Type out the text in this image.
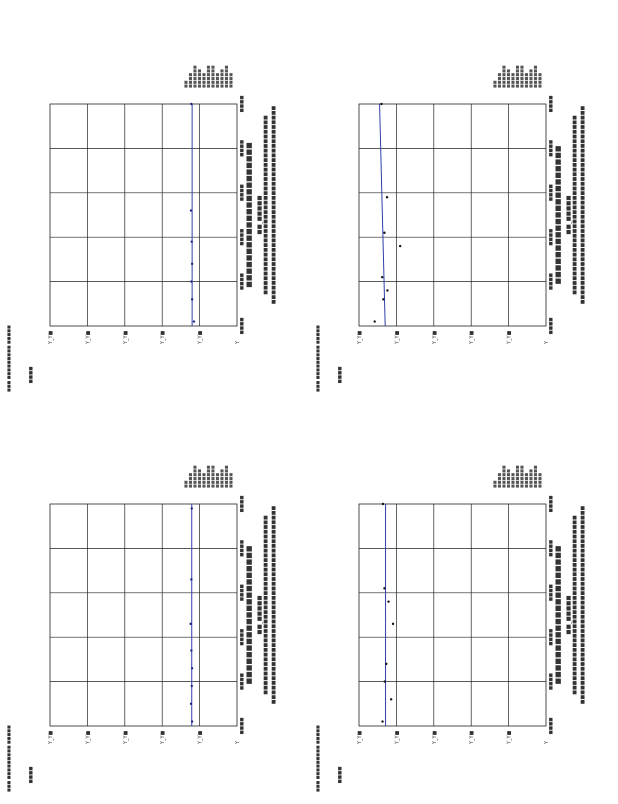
■■■ ■■■■■■■■■ ■■■■■	Y_Y■	Y_Y■	Y_Y■	Y_Y■	Y_Y■	Y
■■■■
■■■■
■■■■
■■■■
■■■■
■■■■
■■■■
■■■■■■■■■■■■■■■■■■■■■■ ■■_■■■■■
■■ ■■■■ ■■■■■■ ■■■■■ ■■■■ ■■■■■■ ■■■■■■ ■■■■ ■■■■■ ■■■■■■ ■■■■
■■■■■■■■■■■■■■■■■■■■■■■■■■■■■■■■■■■■■■ ■■■■■■■■■■■■■■■■■■■■■■■■■■■■■■■■■■■■■■■■■■
■■■ ■■■■■■■■■ ■■■■■	Y_Y■	Y_Y■	Y_Y■	Y_Y■	Y_Y■	Y
■■■■
■■■■
■■■■
■■■■
■■■■
■■■■
■■■■
■■■■■■■■■■■■■■■■■■■■■ ■■_■■■■■
■■ ■■■■ ■■■■■■ ■■■■■ ■■■■ ■■■■■■ ■■■■■■ ■■■■ ■■■■■ ■■■■■■ ■■■■
■■■■■■■■■■■■■■■■■■■■■■■■■■■■■■■■■■■■■■ ■■■■■■■■■■■■■■■■■■■■■■■■■■■■■■■■■■■■■■■■■■
■■■ ■■■■■■■■■ ■■■■■	Y_Y■	Y_Y■	Y_Y■	Y_Y■	Y_Y■	Y
■■■■
■■■■
■■■■
■■■■
■■■■
■■■■
■■■■
■■■■■■■■■■■■■■■■■■■■■ ■■_■■■■■
■■ ■■■■ ■■■■■■ ■■■■■ ■■■■ ■■■■■■ ■■■■■■ ■■■■ ■■■■■ ■■■■■■ ■■■■
■■■■■■■■■■■■■■■■■■■■■■■■■■■■■■■■■■■■■■ ■■■■■■■■■■■■■■■■■■■■■■■■■■■■■■■■■■■■■■■■■■
■■■ ■■■■■■■■■ ■■■■■	Y_Y■	Y_Y■	Y_Y■	Y_Y■	Y_Y■	Y
■■■■
■■■■
■■■■
■■■■
■■■■
■■■■
■■■■
■■■■■■■■■■■■■■■■■■■■■ ■■_■■■■■
■■ ■■■■ ■■■■■■ ■■■■■ ■■■■ ■■■■■■ ■■■■■■ ■■■■ ■■■■■ ■■■■■■ ■■■■
■■■■■■■■■■■■■■■■■■■■■■■■■■■■■■■■■■■■■■ ■■■■■■■■■■■■■■■■■■■■■■■■■■■■■■■■■■■■■■■■■■
